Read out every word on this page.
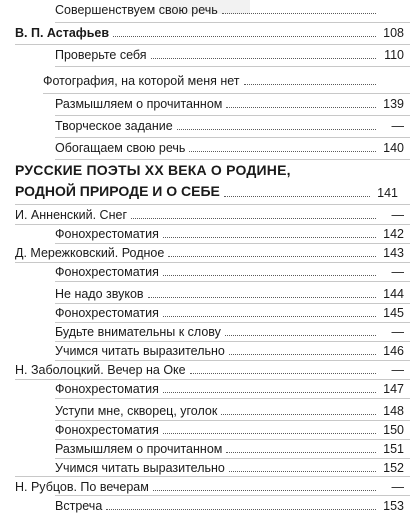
Совершенствуем свою речь
В. П. Астафьев	108
Проверьте себя	110
Фотография, на которой меня нет
Размышляем о прочитанном	139
Творческое задание	—
Обогащаем свою речь	140
РУССКИЕ ПОЭТЫ XX ВЕКА О РОДИНЕ,
РОДНОЙ ПРИРОДЕ И О СЕБЕ	141
И. Анненский. Снег	—
Фонохрестоматия	142
Д. Мережковский. Родное	143
Фонохрестоматия	—
Не надо звуков	144
Фонохрестоматия	145
Будьте внимательны к слову	—
Учимся читать выразительно	146
Н. Заболоцкий. Вечер на Оке	—
Фонохрестоматия	147
Уступи мне, скворец, уголок	148
Фонохрестоматия	150
Размышляем о прочитанном	151
Учимся читать выразительно	152
Н. Рубцов. По вечерам	—
Встреча	153
